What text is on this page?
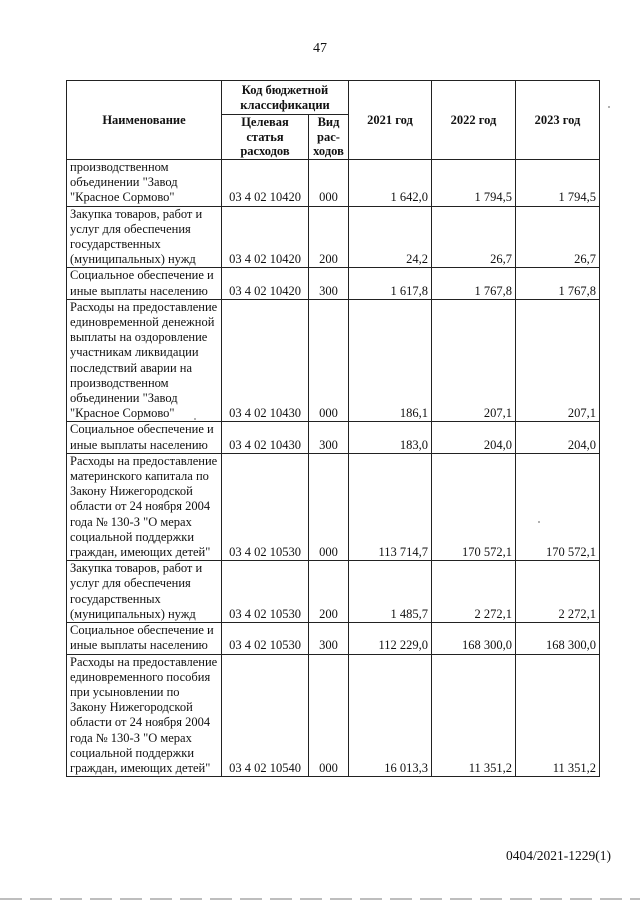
47
Наименование	Код бюджетной классификации		2021 год	2022 год	2023 год
	Целевая статья расходов	Вид рас-ходов			
производственном объединении "Завод "Красное Сормово"	03 4 02 10420	000	1 642,0	1 794,5	1 794,5
Закупка товаров, работ и услуг для обеспечения государственных (муниципальных) нужд	03 4 02 10420	200	24,2	26,7	26,7
Социальное обеспечение и иные выплаты населению	03 4 02 10420	300	1 617,8	1 767,8	1 767,8
Расходы на предоставление единовременной денежной выплаты на оздоровление участникам ликвидации последствий аварии на производственном объединении "Завод "Красное Сормово"	03 4 02 10430	000	186,1	207,1	207,1
Социальное обеспечение и иные выплаты населению	03 4 02 10430	300	183,0	204,0	204,0
Расходы на предоставление материнского капитала по Закону Нижегородской области от 24 ноября 2004 года № 130-З "О мерах социальной поддержки граждан, имеющих детей"	03 4 02 10530	000	113 714,7	170 572,1	170 572,1
Закупка товаров, работ и услуг для обеспечения государственных (муниципальных) нужд	03 4 02 10530	200	1 485,7	2 272,1	2 272,1
Социальное обеспечение и иные выплаты населению	03 4 02 10530	300	112 229,0	168 300,0	168 300,0
Расходы на предоставление единовременного пособия при усыновлении по Закону Нижегородской области от 24 ноября 2004 года № 130-З "О мерах социальной поддержки граждан, имеющих детей"	03 4 02 10540	000	16 013,3	11 351,2	11 351,2
0404/2021-1229(1)
